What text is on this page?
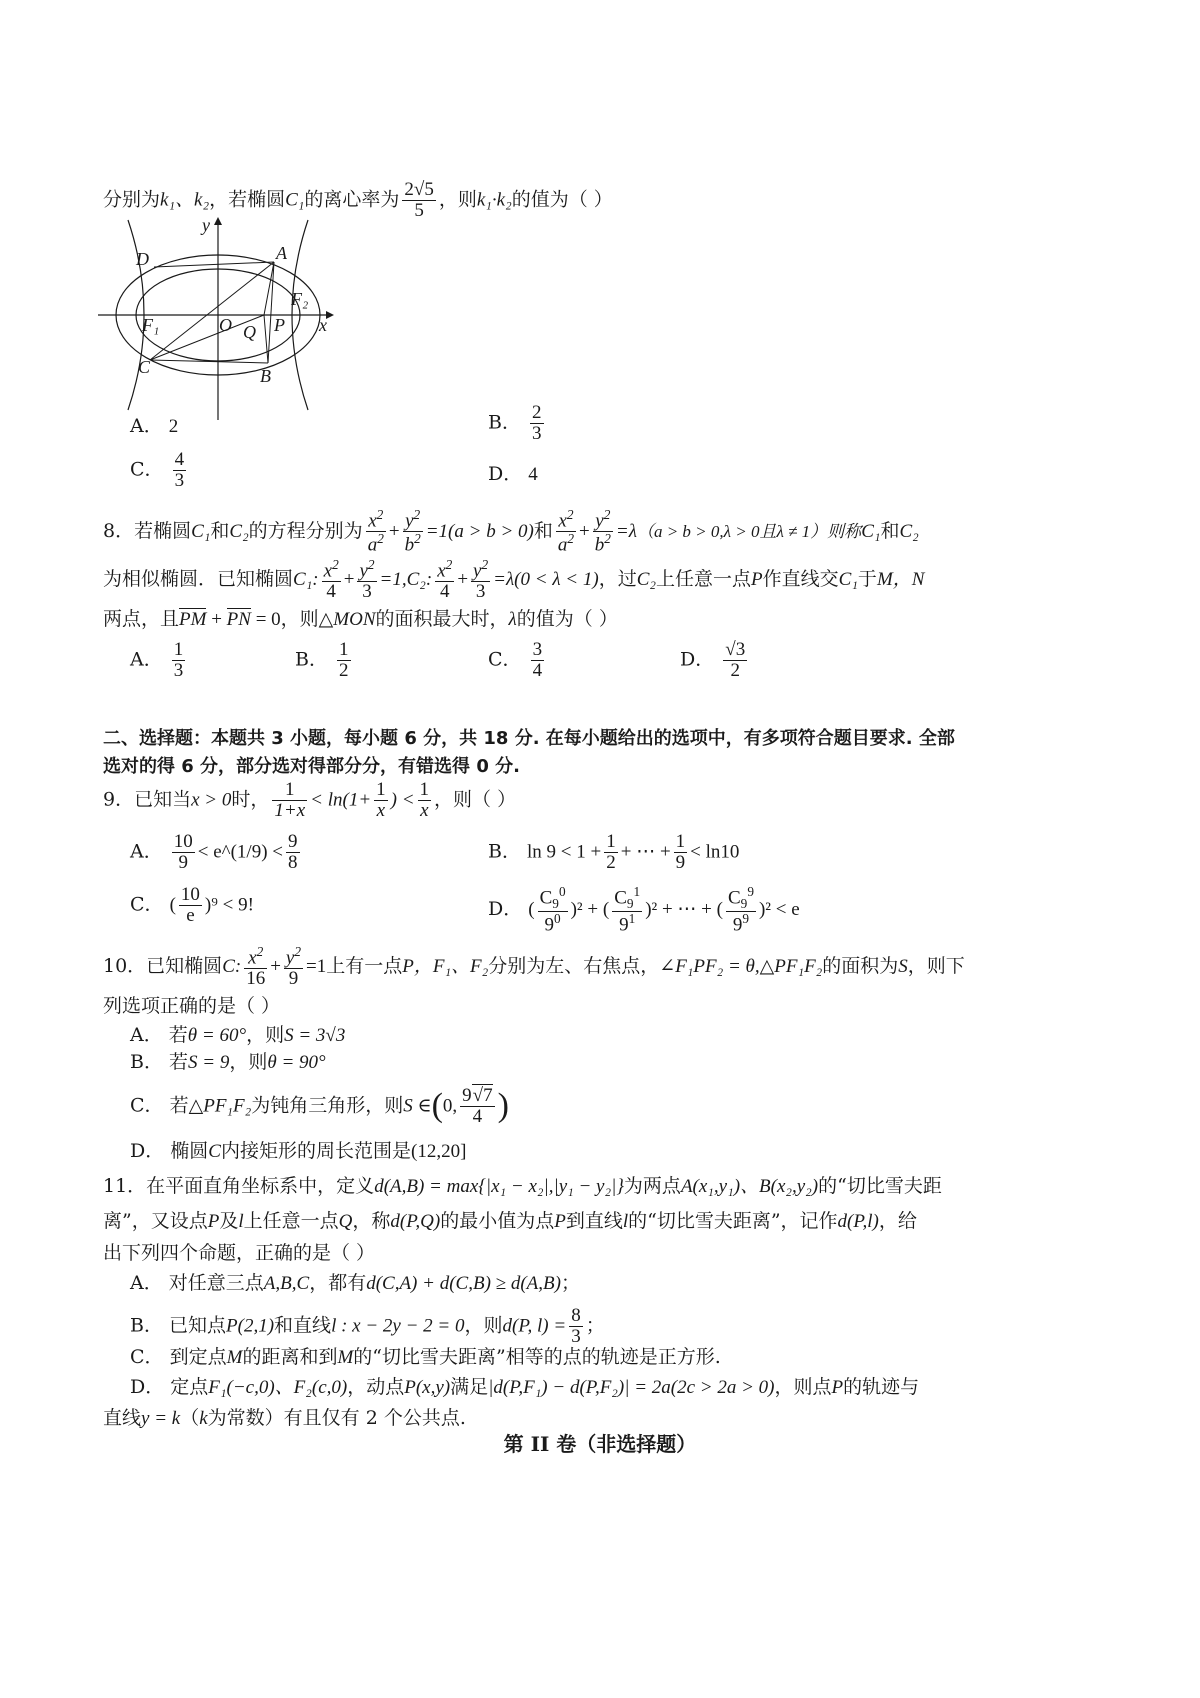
分别为k₁、k₂，若椭圆C₁的离心率为 $\frac{2√5}{5}$ ，则k₁·k₂的值为（ ）
y
D	A
F₂
F₁	O Q P x
C	B
A． 2	B． $\frac{2}{3}$
C． $\frac{4}{3}$	D． 4
8．若椭圆C₁和C₂的方程分别为 $\frac{x^2}{a^2} + \frac{y^2}{b^2} =1(a > b > 0)$和 $\frac{x^2}{a^2} + \frac{y^2}{b^2} =\lambda(a > b > 0,\lambda > 0$且λ ≠ 1）则称C₁和C₂
为相似椭圆．已知椭圆C₁: $\frac{x^2}{4} + \frac{y^2}{3} =1,C_2$: $\frac{x^2}{4} + \frac{y^2}{3} =\lambda(0 < \lambda < 1)$，过C₂上任意一点P作直线交C₁于M，N
两点，且PM + PN = 0，则△MON的面积最大时，λ的值为（ ）
A． $\frac{1}{3}$	B． $\frac{1}{2}$	C． $\frac{3}{4}$	D． $\frac{√3}{2}$
二、选择题：本题共 3 小题，每小题 6 分，共 18 分. 在每小题给出的选项中，有多项符合题目要求. 全部
选对的得 6 分，部分选对得部分分，有错选得 0 分.
9．已知当x > 0时， $\frac{1}{1+x} < \ln(1+ \frac{1}{x}$ ) < $\frac{1}{x}$ ，则（ ）
A． $\frac{10}{9}$ < e^(1/9) < $\frac{9}{8}$	B． $\ln 9 < 1 + \frac{1}{2}$ + ⋯ + $\frac{1}{9} < \ln 10$
C． ( $\frac{10}{e} )^9 < 9$!	D． ( $\frac{C_9^0}{9^0} )^2$ + ( $\frac{C_9^1}{9^1} )^2$ + ⋯ + ( $\frac{C_9^9}{9^9} )^2 < e$
10．已知椭圆C: $\frac{x^2}{16} + \frac{y^2}{9} =1$上有一点P，F₁、F₂分别为左、右焦点，∠F₁PF₂ = θ,△PF₁F₂的面积为S，则下
列选项正确的是（ ）
A． 若θ = 60°，则S = 3√3
B． 若S = 9，则θ = 90°
C． 若△PF₁F₂为钝角三角形，则S ∈(0, $\frac{9√7}{4}$ )
D． 椭圆C内接矩形的周长范围是(12,20]
11．在平面直角坐标系中，定义d(A,B) = max{|x₁ − x₂|,|y₁ − y₂|}为两点A(x₁,y₁)、B(x₂,y₂)的“切比雪夫距
离”，又设点P及l上任意一点Q，称d(P,Q)的最小值为点P到直线l的“切比雪夫距离”，记作d(P,l)，给
出下列四个命题，正确的是（ ）
A． 对任意三点A,B,C，都有d(C,A) + d(C,B) ≥ d(A,B)；
B． 已知点P(2,1)和直线l : x − 2y − 2 = 0，则d(P, $l) = \frac{8}{3}$ ；
C． 到定点M的距离和到M的“切比雪夫距离”相等的点的轨迹是正方形.
D． 定点F₁(−c,0)、F₂(c,0)，动点P(x,y)满足|d(P,F₁) − d(P,F₂)| = 2a(2c > 2a > 0)，则点P的轨迹与
直线y = k（k为常数）有且仅有 2 个公共点.
第 II 卷（非选择题）
